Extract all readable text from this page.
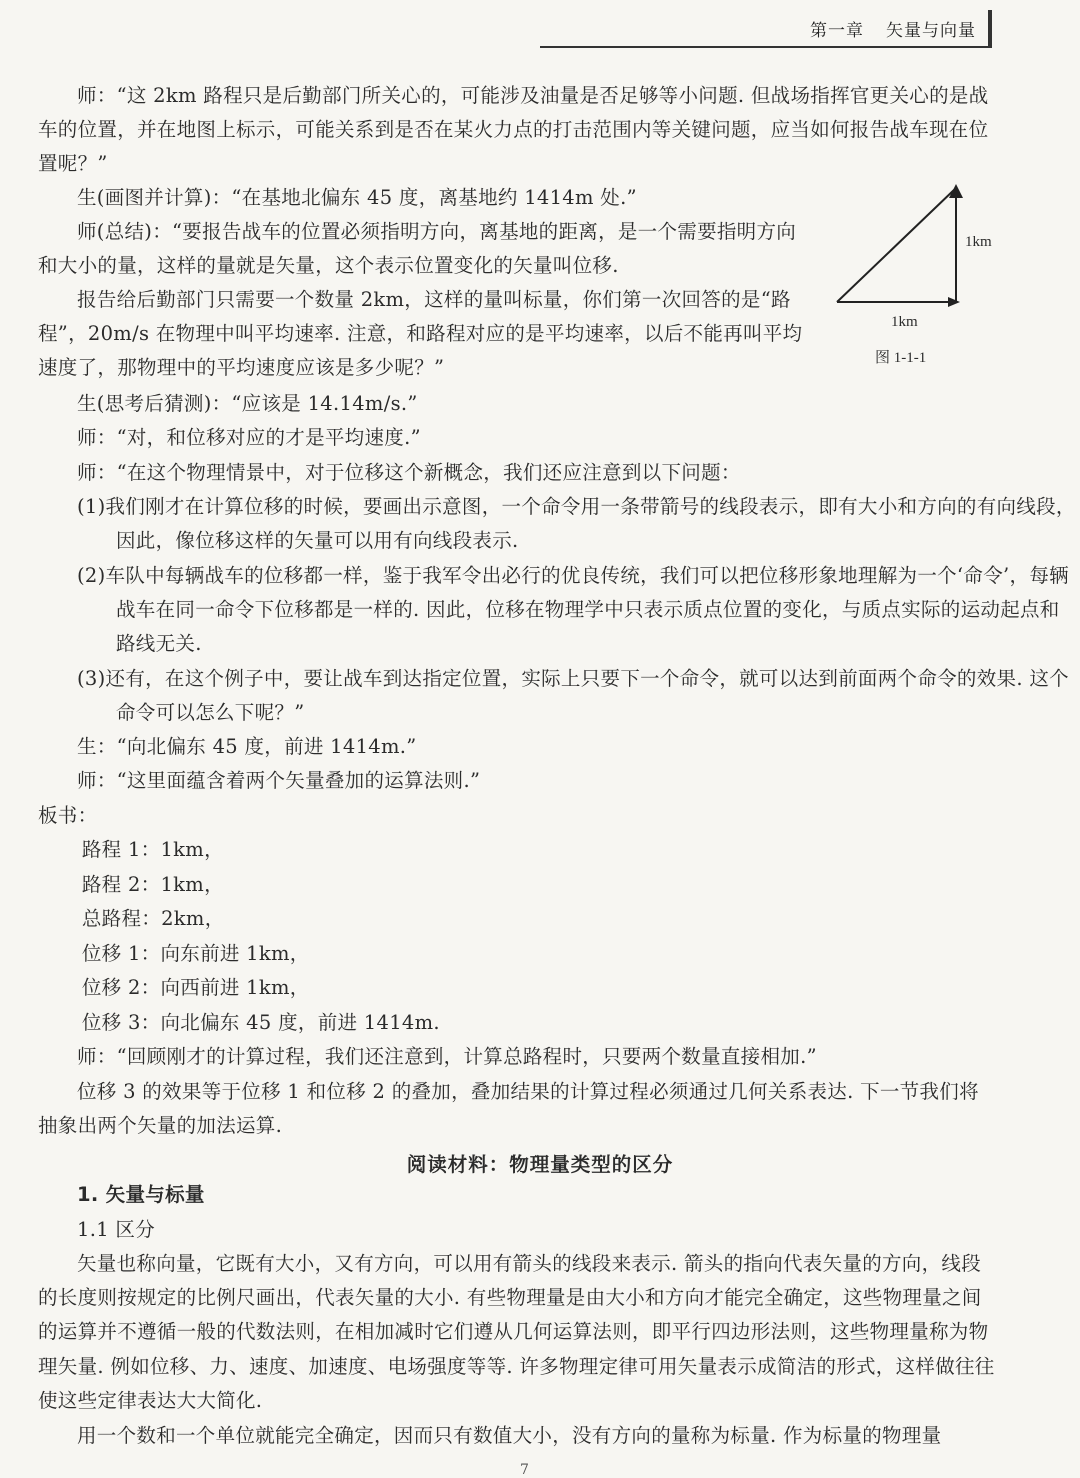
第一章 矢量与向量
师：“这 2km 路程只是后勤部门所关心的，可能涉及油量是否足够等小问题. 但战场指挥官更关心的是战车的位置，并在地图上标示，可能关系到是否在某火力点的打击范围内等关键问题，应当如何报告战车现在位置呢？”
生(画图并计算)：“在基地北偏东 45 度，离基地约 1414m 处.”
师(总结)：“要报告战车的位置必须指明方向，离基地的距离，是一个需要指明方向和大小的量，这样的量就是矢量，这个表示位置变化的矢量叫位移.
报告给后勤部门只需要一个数量 2km，这样的量叫标量，你们第一次回答的是“路程”，20m/s 在物理中叫平均速率. 注意，和路程对应的是平均速率，以后不能再叫平均速度了，那物理中的平均速度应该是多少呢？”
1km
1km
图 1-1-1
生(思考后猜测)：“应该是 14.14m/s.”
师：“对，和位移对应的才是平均速度.”
师：“在这个物理情景中，对于位移这个新概念，我们还应注意到以下问题：
(1)我们刚才在计算位移的时候，要画出示意图，一个命令用一条带箭号的线段表示，即有大小和方向的有向线段，因此，像位移这样的矢量可以用有向线段表示.
(2)车队中每辆战车的位移都一样，鉴于我军令出必行的优良传统，我们可以把位移形象地理解为一个‘命令’，每辆战车在同一命令下位移都是一样的. 因此，位移在物理学中只表示质点位置的变化，与质点实际的运动起点和路线无关.
(3)还有，在这个例子中，要让战车到达指定位置，实际上只要下一个命令，就可以达到前面两个命令的效果. 这个命令可以怎么下呢？”
生：“向北偏东 45 度，前进 1414m.”
师：“这里面蕴含着两个矢量叠加的运算法则.”
板书：
路程 1：1km，
路程 2：1km，
总路程：2km，
位移 1：向东前进 1km，
位移 2：向西前进 1km，
位移 3：向北偏东 45 度，前进 1414m.
师：“回顾刚才的计算过程，我们还注意到，计算总路程时，只要两个数量直接相加.”
位移 3 的效果等于位移 1 和位移 2 的叠加，叠加结果的计算过程必须通过几何关系表达. 下一节我们将抽象出两个矢量的加法运算.
阅读材料：物理量类型的区分
1. 矢量与标量
1.1 区分
矢量也称向量，它既有大小，又有方向，可以用有箭头的线段来表示. 箭头的指向代表矢量的方向，线段的长度则按规定的比例尺画出，代表矢量的大小. 有些物理量是由大小和方向才能完全确定，这些物理量之间的运算并不遵循一般的代数法则，在相加减时它们遵从几何运算法则，即平行四边形法则，这些物理量称为物理矢量. 例如位移、力、速度、加速度、电场强度等等. 许多物理定律可用矢量表示成简洁的形式，这样做往往使这些定律表达大大简化.
用一个数和一个单位就能完全确定，因而只有数值大小，没有方向的量称为标量. 作为标量的物理量
7
